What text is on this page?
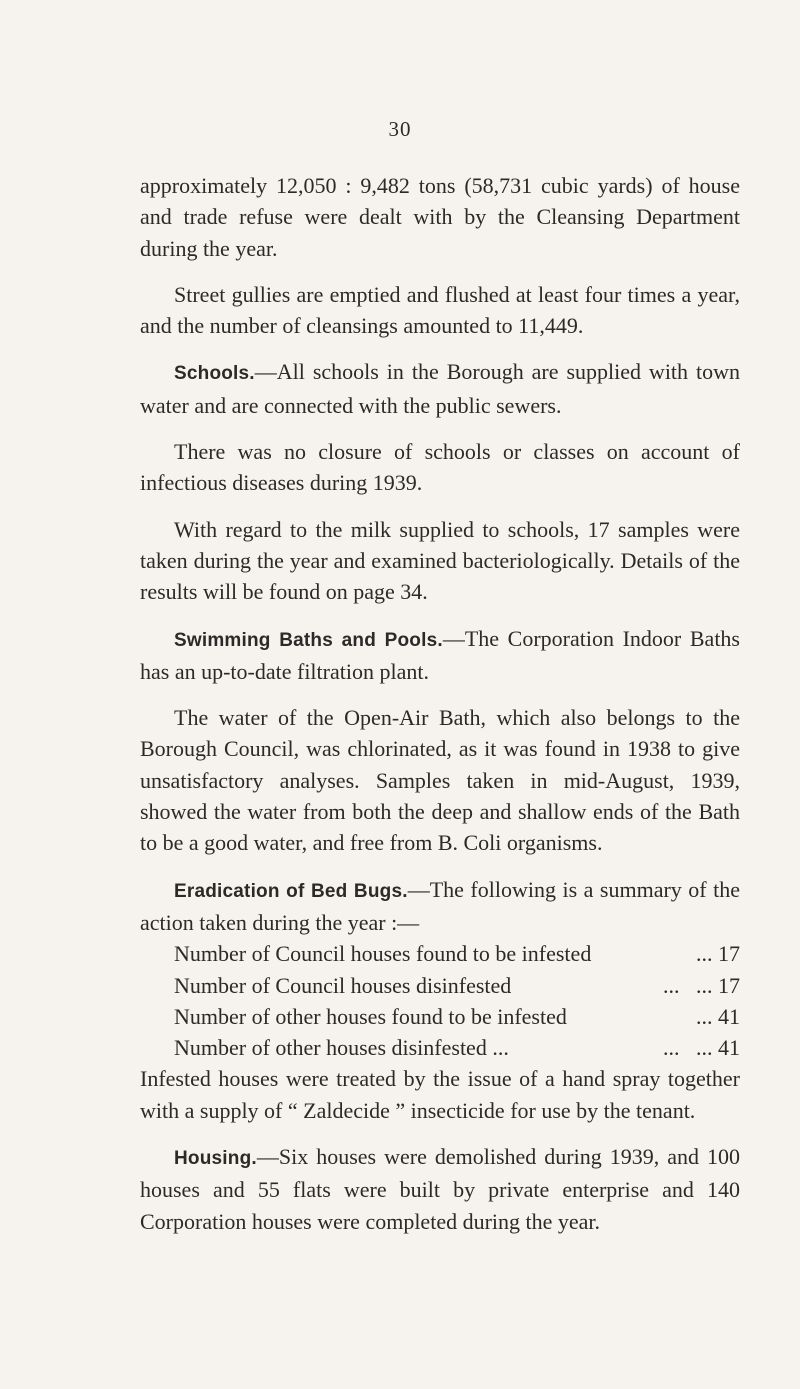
30

approximately 12,050 : 9,482 tons (58,731 cubic yards) of house and trade refuse were dealt with by the Cleansing Department during the year.

Street gullies are emptied and flushed at least four times a year, and the number of cleansings amounted to 11,449.

Schools.—All schools in the Borough are supplied with town water and are connected with the public sewers.

There was no closure of schools or classes on account of infectious diseases during 1939.

With regard to the milk supplied to schools, 17 samples were taken during the year and examined bacteriologically. Details of the results will be found on page 34.

Swimming Baths and Pools.—The Corporation Indoor Baths has an up-to-date filtration plant.

The water of the Open-Air Bath, which also belongs to the Borough Council, was chlorinated, as it was found in 1938 to give unsatisfactory analyses. Samples taken in mid-August, 1939, showed the water from both the deep and shallow ends of the Bath to be a good water, and free from B. Coli organisms.

Eradication of Bed Bugs.—The following is a summary of the action taken during the year :—

Number of Council houses found to be infested	... 17
Number of Council houses disinfested	...   ... 17
Number of other houses found to be infested	... 41
Number of other houses disinfested ...	...   ... 41

Infested houses were treated by the issue of a hand spray together with a supply of “ Zaldecide ” insecticide for use by the tenant.

Housing.—Six houses were demolished during 1939, and 100 houses and 55 flats were built by private enterprise and 140 Corporation houses were completed during the year.
